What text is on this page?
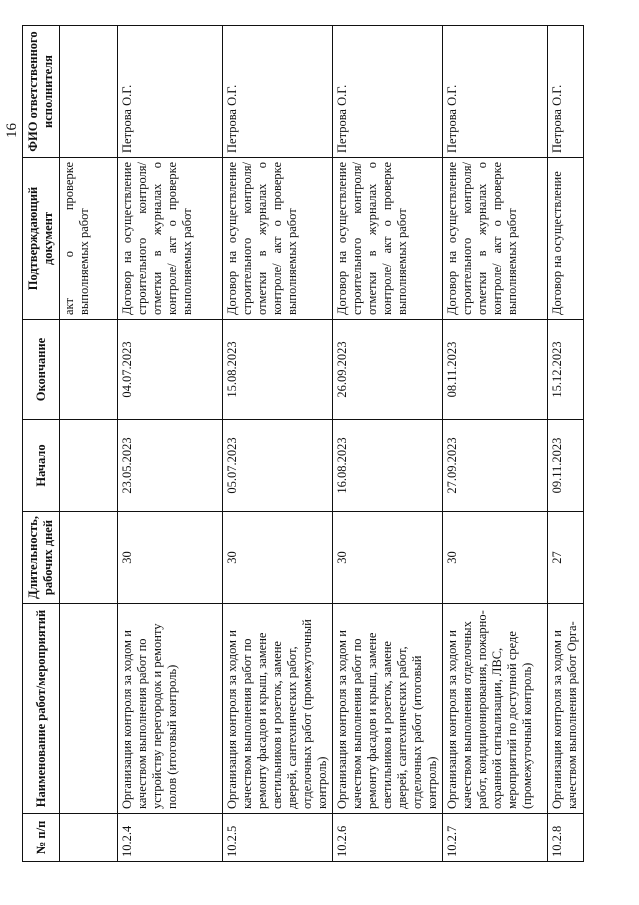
16
№ п/п	Наименование работ/мероприятий	Длительность, рабочих дней	Начало	Окончание	Подтверждающий документ	ФИО ответственного исполнителя
					акт о проверке выполняемых работ	
10.2.4	Организация контроля за ходом и качеством выполнения работ по устройству перегородок и ремонту полов (итоговый контроль)	30	23.05.2023	04.07.2023	Договор на осуществление строительного контроля/ отметки в журналах о контроле/ акт о проверке выполняемых работ	Петрова О.Г.
10.2.5	Организация контроля за ходом и качеством выполнения работ по ремонту фасадов и крыш, замене светильников и розеток, замене дверей, сантехнических работ, отделочных работ (промежуточный контроль)	30	05.07.2023	15.08.2023	Договор на осуществление строительного контроля/отметки в журналах о контроле/ акт о проверке выполняемых работ	Петрова О.Г.
10.2.6	Организация контроля за ходом и качеством выполнения работ по ремонту фасадов и крыш, замене светильников и розеток, замене дверей, сантехнических работ, отделочных работ (итоговый контроль)	30	16.08.2023	26.09.2023	Договор на осуществление строительного контроля/ отметки в журналах о контроле/ акт о проверке выполняемых работ	Петрова О.Г.
10.2.7	Организация контроля за ходом и качеством выполнения отделочных работ, кондиционирования, пожарно-охранной сигнализации, ЛВС, мероприятий по доступной среде (промежуточный контроль)	30	27.09.2023	08.11.2023	Договор на осуществление строительного контроля/ отметки в журналах о контроле/ акт о проверке выполняемых работ	Петрова О.Г.
10.2.8	Организация контроля за ходом и качеством выполнения работ Орга-	27	09.11.2023	15.12.2023	Договор на осуществление	Петрова О.Г.
